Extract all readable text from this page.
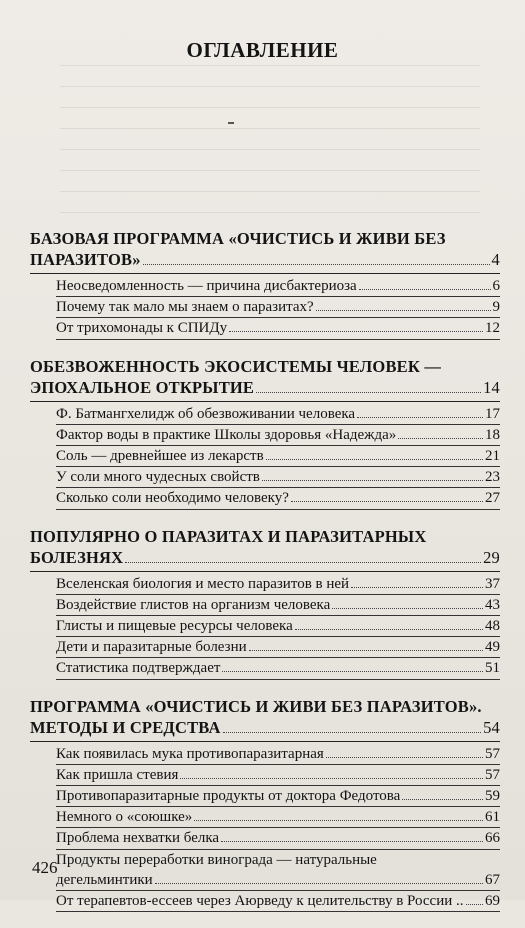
ОГЛАВЛЕНИЕ
БАЗОВАЯ ПРОГРАММА «ОЧИСТИСЬ И ЖИВИ БЕЗ
ПАРАЗИТОВ»	4
Неосведомленность — причина дисбактериоза	6
Почему так мало мы знаем о паразитах?	9
От трихомонады к СПИДу	12
ОБЕЗВОЖЕННОСТЬ ЭКОСИСТЕМЫ ЧЕЛОВЕК —
ЭПОХАЛЬНОЕ ОТКРЫТИЕ	14
Ф. Батмангхелидж об обезвоживании человека	17
Фактор воды в практике Школы здоровья «Надежда»	18
Соль — древнейшее из лекарств	21
У соли много чудесных свойств	23
Сколько соли необходимо человеку?	27
ПОПУЛЯРНО О ПАРАЗИТАХ И ПАРАЗИТАРНЫХ
БОЛЕЗНЯХ	29
Вселенская биология и место паразитов в ней	37
Воздействие глистов на организм человека	43
Глисты и пищевые ресурсы человека	48
Дети и паразитарные болезни	49
Статистика подтверждает	51
ПРОГРАММА «ОЧИСТИСЬ И ЖИВИ БЕЗ ПАРАЗИТОВ».
МЕТОДЫ И СРЕДСТВА	54
Как появилась мука противопаразитарная	57
Как пришла стевия	57
Противопаразитарные продукты от доктора Федотова	59
Немного о «союшке»	61
Проблема нехватки белка	66
Продукты переработки винограда — натуральные
дегельминтики	67
От терапевтов-ессеев через Аюрведу к целительству в России .. 69
426
